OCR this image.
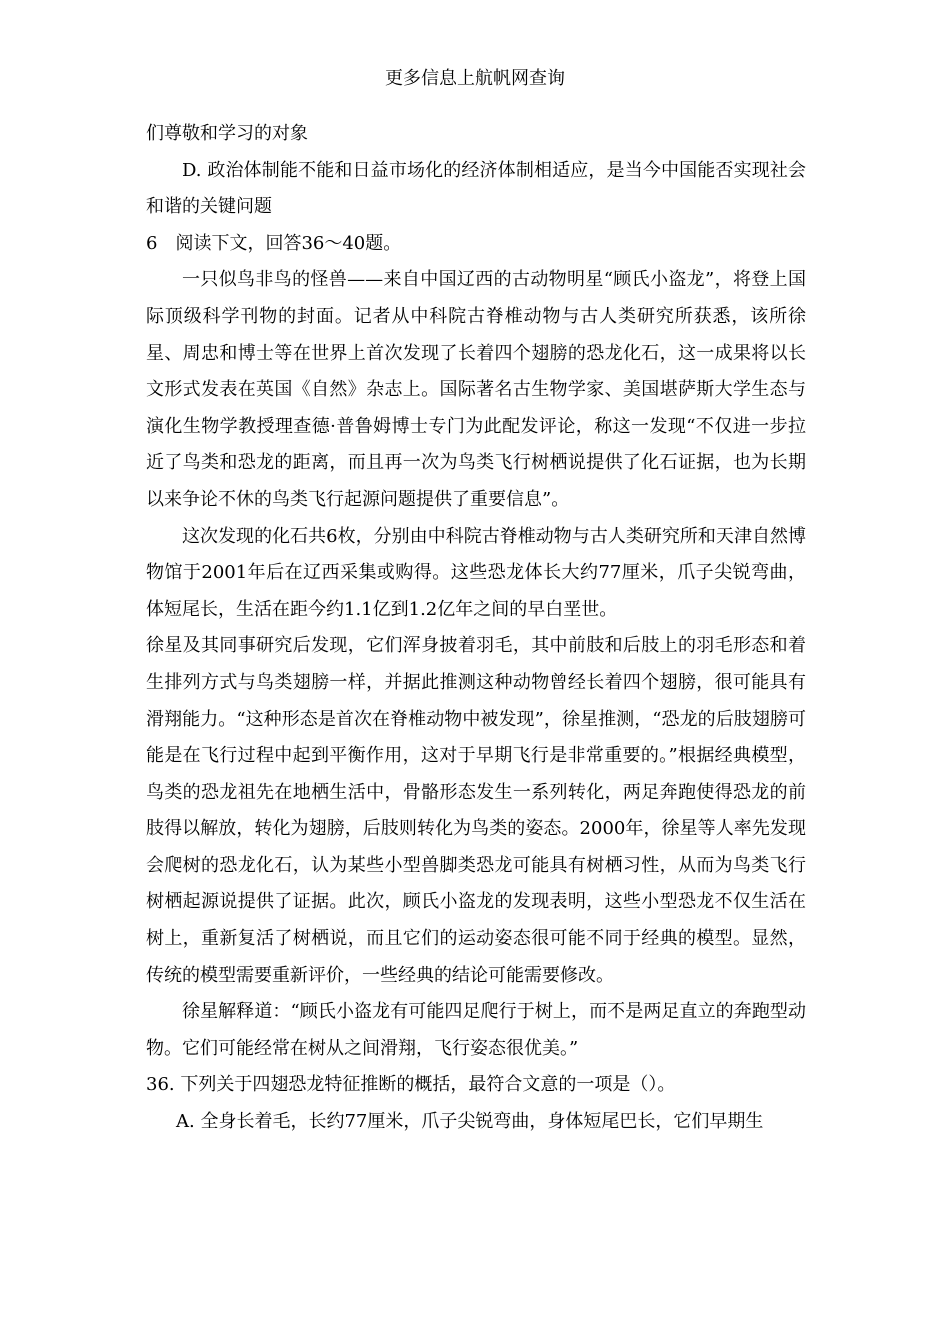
更多信息上航帆网查询

们尊敬和学习的对象

D. 政治体制能不能和日益市场化的经济体制相适应，是当今中国能否实现社会和谐的关键问题

6　阅读下文，回答36～40题。

一只似鸟非鸟的怪兽——来自中国辽西的古动物明星“顾氏小盗龙”，将登上国际顶级科学刊物的封面。记者从中科院古脊椎动物与古人类研究所获悉，该所徐星、周忠和博士等在世界上首次发现了长着四个翅膀的恐龙化石，这一成果将以长文形式发表在英国《自然》杂志上。国际著名古生物学家、美国堪萨斯大学生态与演化生物学教授理查德·普鲁姆博士专门为此配发评论，称这一发现“不仅进一步拉近了鸟类和恐龙的距离，而且再一次为鸟类飞行树栖说提供了化石证据，也为长期以来争论不休的鸟类飞行起源问题提供了重要信息”。

这次发现的化石共6枚，分别由中科院古脊椎动物与古人类研究所和天津自然博物馆于2001年后在辽西采集或购得。这些恐龙体长大约77厘米，爪子尖锐弯曲，体短尾长，生活在距今约1.1亿到1.2亿年之间的早白垩世。

徐星及其同事研究后发现，它们浑身披着羽毛，其中前肢和后肢上的羽毛形态和着生排列方式与鸟类翅膀一样，并据此推测这种动物曾经长着四个翅膀，很可能具有滑翔能力。“这种形态是首次在脊椎动物中被发现”，徐星推测，“恐龙的后肢翅膀可能是在飞行过程中起到平衡作用，这对于早期飞行是非常重要的。”根据经典模型，鸟类的恐龙祖先在地栖生活中，骨骼形态发生一系列转化，两足奔跑使得恐龙的前肢得以解放，转化为翅膀，后肢则转化为鸟类的姿态。2000年，徐星等人率先发现会爬树的恐龙化石，认为某些小型兽脚类恐龙可能具有树栖习性，从而为鸟类飞行树栖起源说提供了证据。此次，顾氏小盗龙的发现表明，这些小型恐龙不仅生活在树上，重新复活了树栖说，而且它们的运动姿态很可能不同于经典的模型。显然，传统的模型需要重新评价，一些经典的结论可能需要修改。

徐星解释道：“顾氏小盗龙有可能四足爬行于树上，而不是两足直立的奔跑型动物。它们可能经常在树从之间滑翔，飞行姿态很优美。”

36. 下列关于四翅恐龙特征推断的概括，最符合文意的一项是（）。

A. 全身长着毛，长约77厘米，爪子尖锐弯曲，身体短尾巴长，它们早期生
